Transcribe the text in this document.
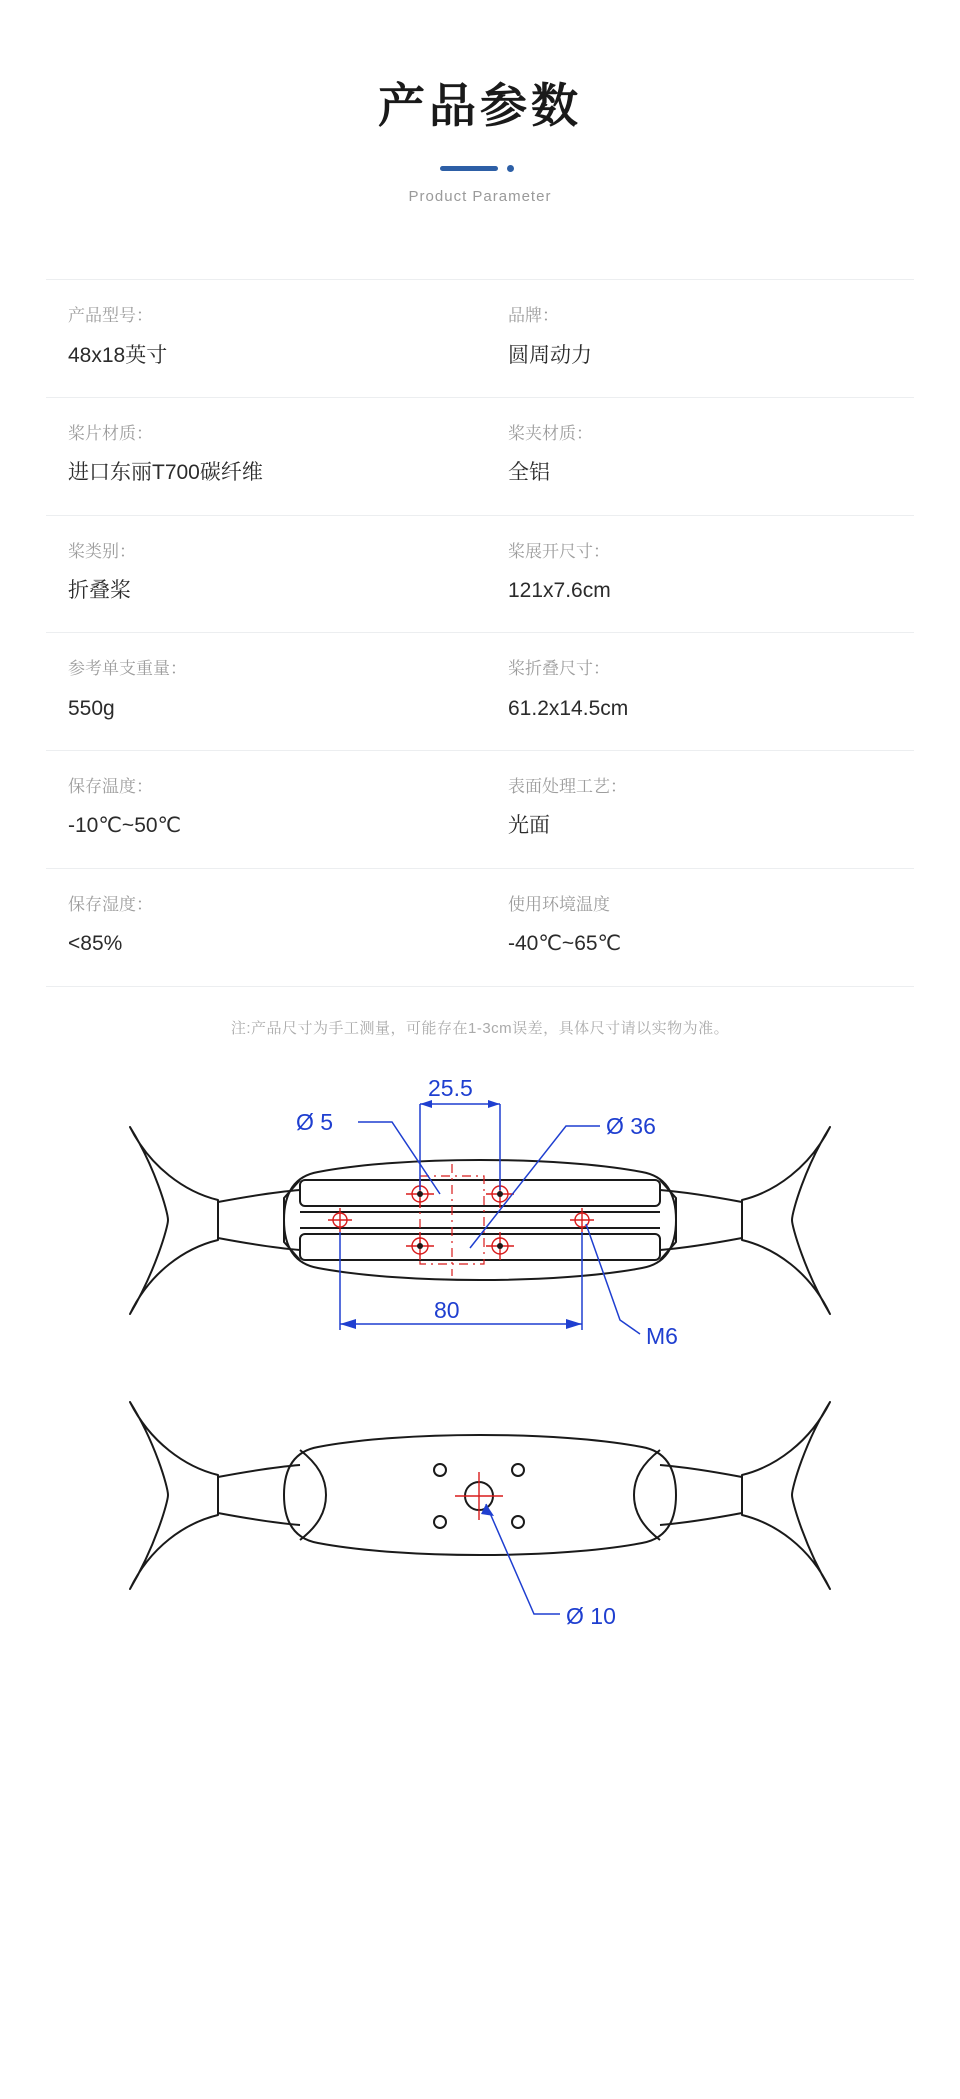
产品参数
Product Parameter
产品型号：
48x18英寸
品牌：
圆周动力
桨片材质：
进口东丽T700碳纤维
桨夹材质：
全铝
桨类别：
折叠桨
桨展开尺寸：
121x7.6cm
参考单支重量：
550g
桨折叠尺寸：
61.2x14.5cm
保存温度：
-10℃~50℃
表面处理工艺：
光面
保存湿度：
<85%
使用环境温度
-40℃~65℃
注:产品尺寸为手工测量，可能存在1-3cm误差，具体尺寸请以实物为准。
Ø 5
25.5
Ø 36
80
M6
Ø 10
